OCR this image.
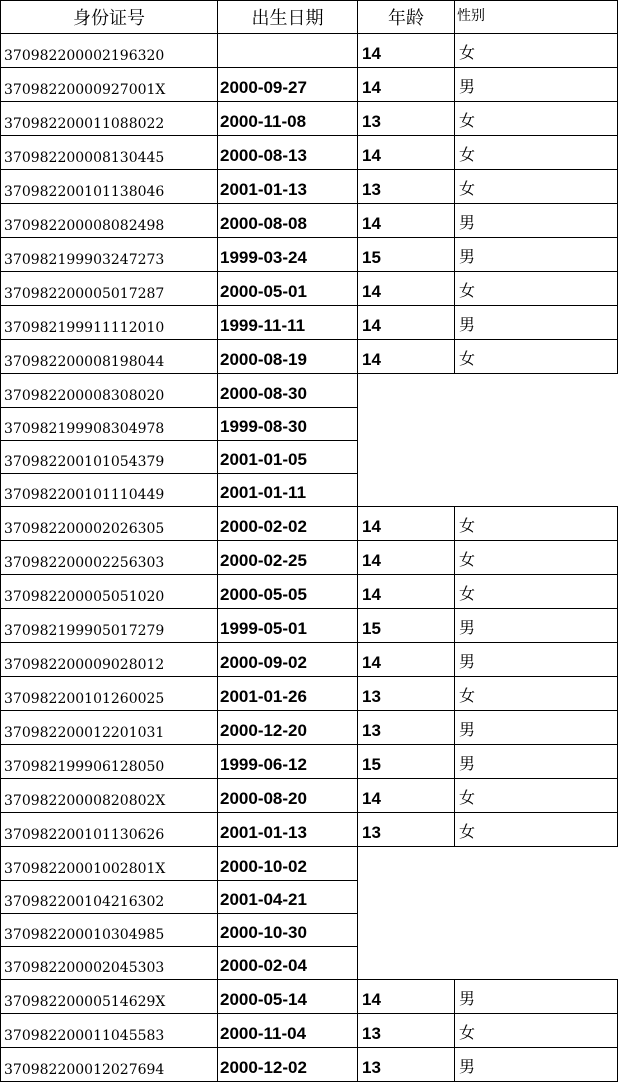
身份证号	出生日期	年龄	性别
370982200002196320		14	女
37098220000927001X	2000-09-27	14	男
370982200011088022	2000-11-08	13	女
370982200008130445	2000-08-13	14	女
370982200101138046	2001-01-13	13	女
370982200008082498	2000-08-08	14	男
370982199903247273	1999-03-24	15	男
370982200005017287	2000-05-01	14	女
370982199911112010	1999-11-11	14	男
370982200008198044	2000-08-19	14	女
370982200008308020	2000-08-30		
370982199908304978	1999-08-30		
370982200101054379	2001-01-05		
370982200101110449	2001-01-11		
370982200002026305	2000-02-02	14	女
370982200002256303	2000-02-25	14	女
370982200005051020	2000-05-05	14	女
370982199905017279	1999-05-01	15	男
370982200009028012	2000-09-02	14	男
370982200101260025	2001-01-26	13	女
370982200012201031	2000-12-20	13	男
370982199906128050	1999-06-12	15	男
37098220000820802X	2000-08-20	14	女
370982200101130626	2001-01-13	13	女
37098220001002801X	2000-10-02		
370982200104216302	2001-04-21		
370982200010304985	2000-10-30		
370982200002045303	2000-02-04		
37098220000514629X	2000-05-14	14	男
370982200011045583	2000-11-04	13	女
370982200012027694	2000-12-02	13	男
